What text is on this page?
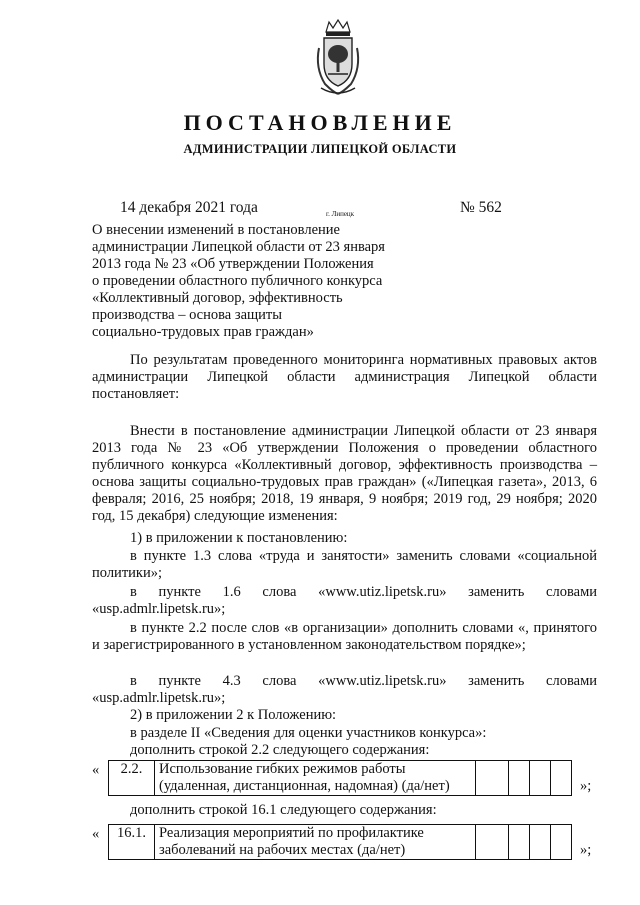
ПОСТАНОВЛЕНИЕ
АДМИНИСТРАЦИИ ЛИПЕЦКОЙ ОБЛАСТИ
14 декабря 2021 года	г. Липецк	№ 562
О внесении изменений в постановление
администрации Липецкой области от 23 января
2013 года № 23 «Об утверждении Положения
о проведении областного публичного конкурса
«Коллективный договор, эффективность
производства – основа защиты
социально-трудовых прав граждан»
По результатам проведенного мониторинга нормативных правовых актов администрации Липецкой области администрация Липецкой области постановляет:
Внести в постановление администрации Липецкой области от 23 января 2013 года № 23 «Об утверждении Положения о проведении областного публичного конкурса «Коллективный договор, эффективность производства – основа защиты социально-трудовых прав граждан» («Липецкая газета», 2013, 6 февраля; 2016, 25 ноября; 2018, 19 января, 9 ноября; 2019 год, 29 ноября; 2020 год, 15 декабря) следующие изменения:
1) в приложении к постановлению:
в пункте 1.3 слова «труда и занятости» заменить словами «социальной политики»;
в пункте 1.6 слова «www.utiz.lipetsk.ru» заменить словами
«usp.admlr.lipetsk.ru»;
в пункте 2.2 после слов «в организации» дополнить словами «, принятого и зарегистрированного в установленном законодательством порядке»;
в пункте 4.3 слова «www.utiz.lipetsk.ru» заменить словами
«usp.admlr.lipetsk.ru»;
2) в приложении 2 к Положению:
в разделе II «Сведения для оценки участников конкурса»:
дополнить строкой 2.2 следующего содержания:
« 2.2.	Использование гибких режимов работы
(удаленная, дистанционная, надомная) (да/нет)
					»;
дополнить строкой 16.1 следующего содержания:
« 16.1.	Реализация мероприятий по профилактике
заболеваний на рабочих местах (да/нет)
					»;
